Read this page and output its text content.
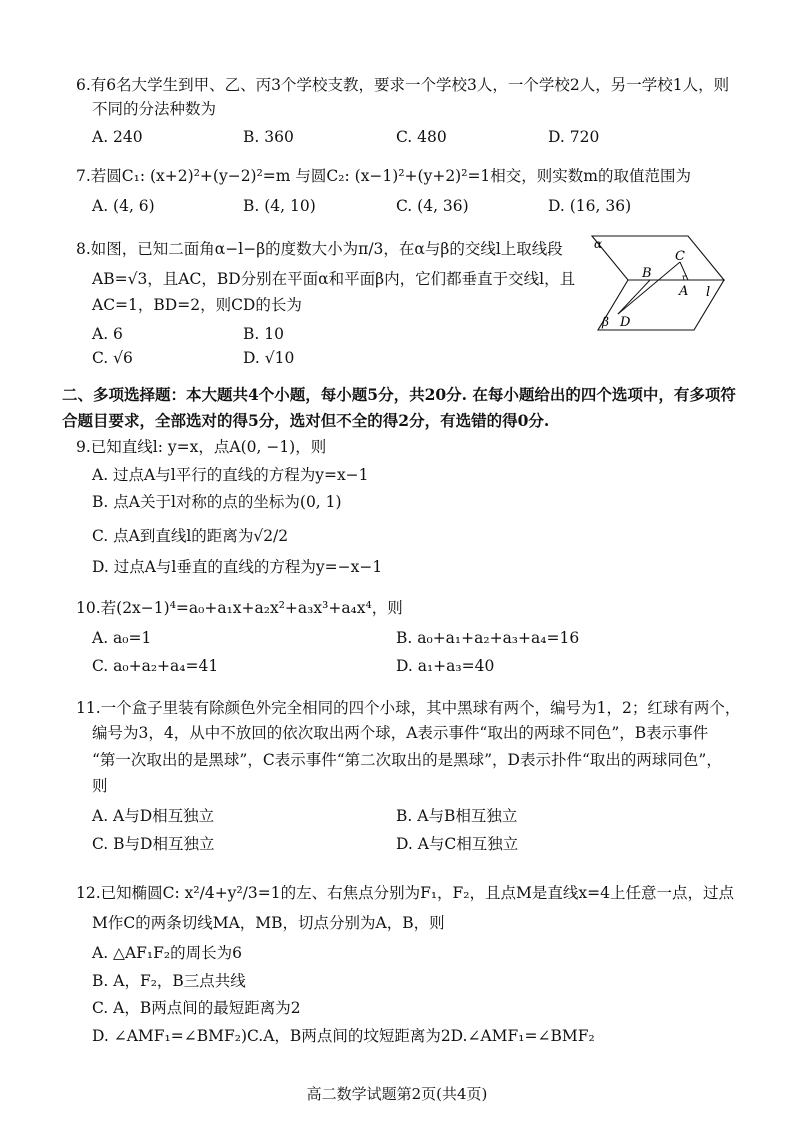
6.有6名大学生到甲、乙、丙3个学校支教，要求一个学校3人，一个学校2人，另一学校1人，则
不同的分法种数为
A. 240	B. 360	C. 480	D. 720
7.若圆C₁: (x+2)²+(y−2)²=m 与圆C₂: (x−1)²+(y+2)²=1相交，则实数m的取值范围为
A. (4, 6)	B. (4, 10)	C. (4, 36)	D. (16, 36)
8.如图，已知二面角α−l−β的度数大小为π/3，在α与β的交线l上取线段
AB=√3，且AC，BD分别在平面α和平面β内，它们都垂直于交线l，且
AC=1，BD=2，则CD的长为
A. 6	B. 10
C. √6	D. √10
α
β
C
B
A l
D
二、多项选择题：本大题共4个小题，每小题5分，共20分. 在每小题给出的四个选项中，有多项符
合题目要求，全部选对的得5分，选对但不全的得2分，有选错的得0分.
9.已知直线l: y=x，点A(0, −1)，则
A. 过点A与l平行的直线的方程为y=x−1
B. 点A关于l对称的点的坐标为(0, 1)
C. 点A到直线l的距离为√2/2
D. 过点A与l垂直的直线的方程为y=−x−1
10.若(2x−1)⁴=a₀+a₁x+a₂x²+a₃x³+a₄x⁴，则
A. a₀=1	B. a₀+a₁+a₂+a₃+a₄=16
C. a₀+a₂+a₄=41	D. a₁+a₃=40
11.一个盒子里装有除颜色外完全相同的四个小球，其中黑球有两个，编号为1，2；红球有两个，
编号为3，4，从中不放回的依次取出两个球，A表示事件“取出的两球不同色”，B表示事件
“第一次取出的是黑球”，C表示事件“第二次取出的是黑球”，D表示扑件“取出的两球同色”，
则
A. A与D相互独立	B. A与B相互独立
C. B与D相互独立	D. A与C相互独立
12.已知椭圆C: x²/4+y²/3=1的左、右焦点分别为F₁，F₂，且点M是直线x=4上任意一点，过点
M作C的两条切线MA，MB，切点分别为A，B，则
A. △AF₁F₂的周长为6
B. A，F₂，B三点共线
C. A，B两点间的最短距离为2
D. ∠AMF₁=∠BMF₂)C.A，B两点间的坟短距离为2D.∠AMF₁=∠BMF₂
高二数学试题第2页(共4页)
